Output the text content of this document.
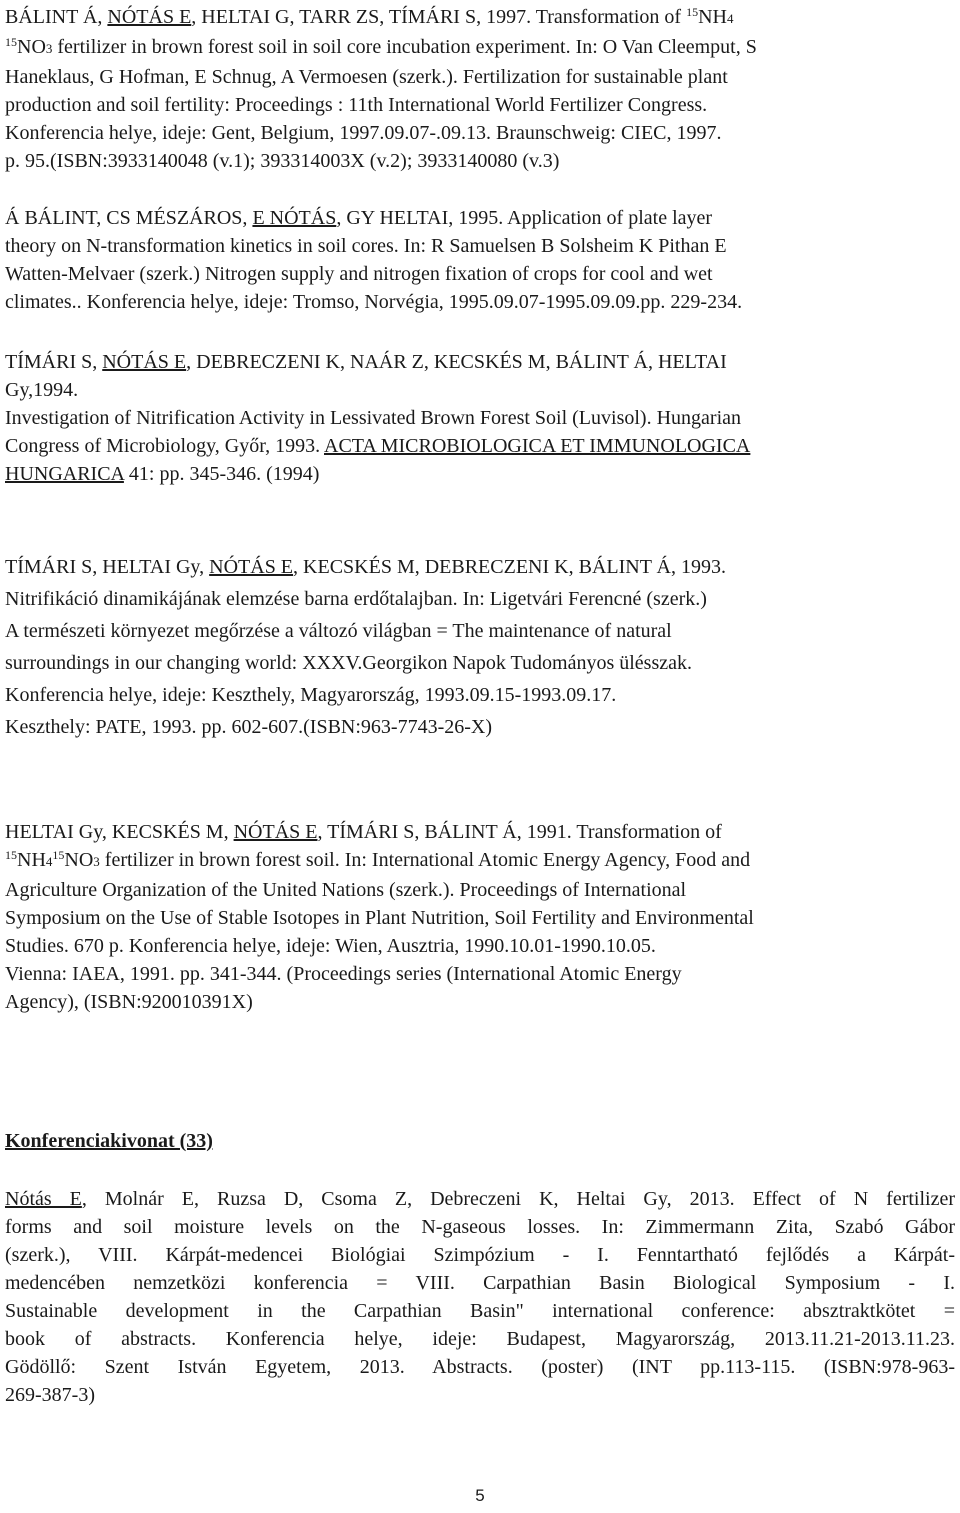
BÁLINT Á, NÓTÁS E, HELTAI G, TARR ZS, TÍMÁRI S, 1997. Transformation of $^{15}$NH4
$^{15}$NO3 fertilizer in brown forest soil in soil core incubation experiment. In: O Van Cleemput, S
Haneklaus, G Hofman, E Schnug, A Vermoesen (szerk.). Fertilization for sustainable plant
production and soil fertility: Proceedings : 11th International World Fertilizer Congress.
Konferencia helye, ideje: Gent, Belgium, 1997.09.07-.09.13. Braunschweig: CIEC, 1997.
p. 95.(ISBN:3933140048 (v.1); 393314003X (v.2); 3933140080 (v.3)
Á BÁLINT, CS MÉSZÁROS, E NÓTÁS, GY HELTAI, 1995. Application of plate layer
theory on N-transformation kinetics in soil cores. In: R Samuelsen B Solsheim K Pithan E
Watten-Melvaer (szerk.) Nitrogen supply and nitrogen fixation of crops for cool and wet
climates.. Konferencia helye, ideje: Tromso, Norvégia, 1995.09.07-1995.09.09.pp. 229-234.
TÍMÁRI S, NÓTÁS E, DEBRECZENI K, NAÁR Z, KECSKÉS M, BÁLINT Á, HELTAI
Gy,1994.
Investigation of Nitrification Activity in Lessivated Brown Forest Soil (Luvisol). Hungarian
Congress of Microbiology, Győr, 1993. ACTA MICROBIOLOGICA ET IMMUNOLOGICA
HUNGARICA 41: pp. 345-346. (1994)
TÍMÁRI S, HELTAI Gy, NÓTÁS E, KECSKÉS M, DEBRECZENI K, BÁLINT Á, 1993.
Nitrifikáció dinamikájának elemzése barna erdőtalajban. In: Ligetvári Ferencné (szerk.)
A természeti környezet megőrzése a változó világban = The maintenance of natural
surroundings in our changing world: XXXV.Georgikon Napok Tudományos ülésszak.
Konferencia helye, ideje: Keszthely, Magyarország, 1993.09.15-1993.09.17.
Keszthely: PATE, 1993. pp. 602-607.(ISBN:963-7743-26-X)
HELTAI Gy, KECSKÉS M, NÓTÁS E, TÍMÁRI S, BÁLINT Á, 1991. Transformation of
$^{15}NH4^{15}NO3$ fertilizer in brown forest soil. In: International Atomic Energy Agency, Food and
Agriculture Organization of the United Nations (szerk.). Proceedings of International
Symposium on the Use of Stable Isotopes in Plant Nutrition, Soil Fertility and Environmental
Studies. 670 p. Konferencia helye, ideje: Wien, Ausztria, 1990.10.01-1990.10.05.
Vienna: IAEA, 1991. pp. 341-344. (Proceedings series (International Atomic Energy
Agency), (ISBN:920010391X)
Konferenciakivonat (33)
Nótás E, Molnár E, Ruzsa D, Csoma Z, Debreczeni K, Heltai Gy, 2013. Effect of N fertilizer
forms and soil moisture levels on the N-gaseous losses. In: Zimmermann Zita, Szabó Gábor
(szerk.), VIII. Kárpát-medencei Biológiai Szimpózium - I. Fenntartható fejlődés a Kárpát-
medencében nemzetközi konferencia = VIII. Carpathian Basin Biological Symposium - I.
Sustainable development in the Carpathian Basin" international conference: absztraktkötet =
book of abstracts. Konferencia helye, ideje: Budapest, Magyarország, 2013.11.21-2013.11.23.
Gödöllő: Szent István Egyetem, 2013. Abstracts. (poster) (INT pp.113-115. (ISBN:978-963-
269-387-3)
5
